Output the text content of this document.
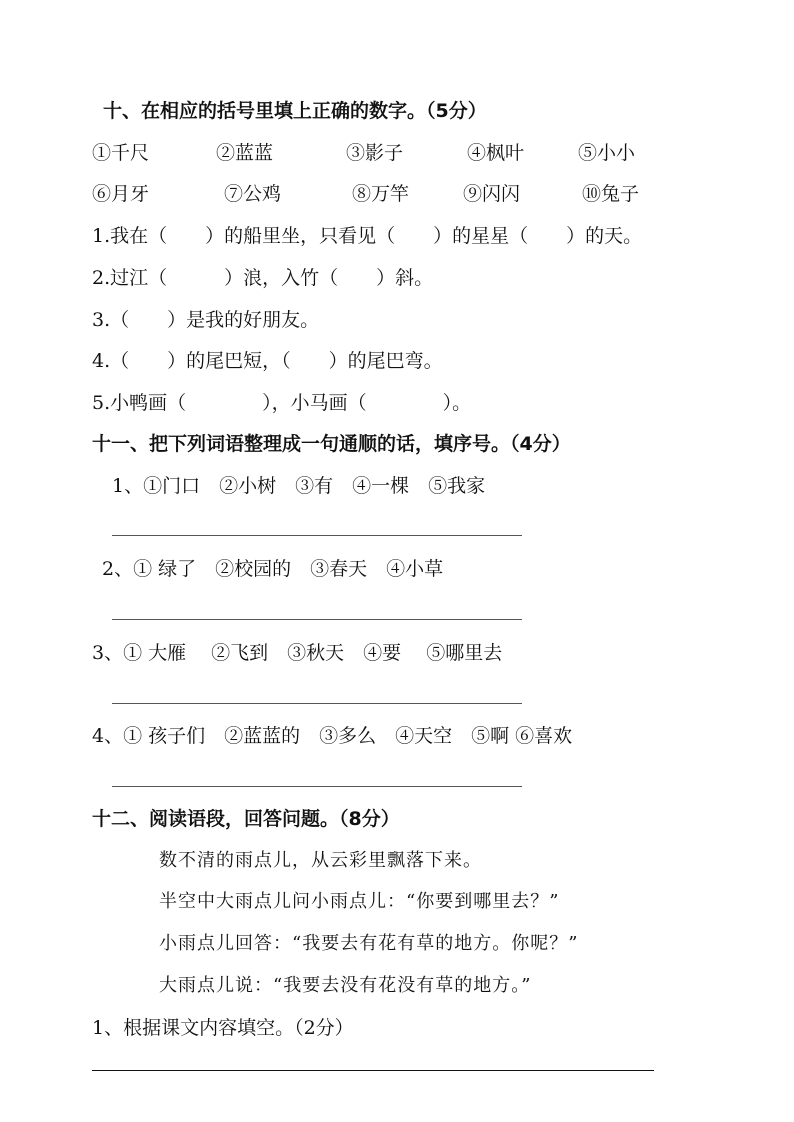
十、在相应的括号里填上正确的数字。（5分）
①千尺	②蓝蓝	③影子	④枫叶	⑤小小
⑥月牙	⑦公鸡	⑧万竿	⑨闪闪	⑩兔子
1.我在（　　）的船里坐，只看见（　　）的星星（　　）的天。
2.过江（　　　）浪，入竹（　　）斜。
3.（　　）是我的好朋友。
4.（　　）的尾巴短，（　　）的尾巴弯。
5.小鸭画（　　　　），小马画（　　　　）。
十一、把下列词语整理成一句通顺的话，填序号。（4分）
1、①门口　②小树　③有　④一棵　⑤我家
2、① 绿了　②校园的　③春天　④小草
3、① 大雁　 ②飞到　③秋天　④要　 ⑤哪里去
4、① 孩子们　②蓝蓝的　③多么　④天空　⑤啊 ⑥喜欢
十二、阅读语段，回答问题。（8分）
数不清的雨点儿，从云彩里飘落下来。
半空中大雨点儿问小雨点儿：“你要到哪里去？”
小雨点儿回答：“我要去有花有草的地方。你呢？”
大雨点儿说：“我要去没有花没有草的地方。”
1、根据课文内容填空。（2分）
